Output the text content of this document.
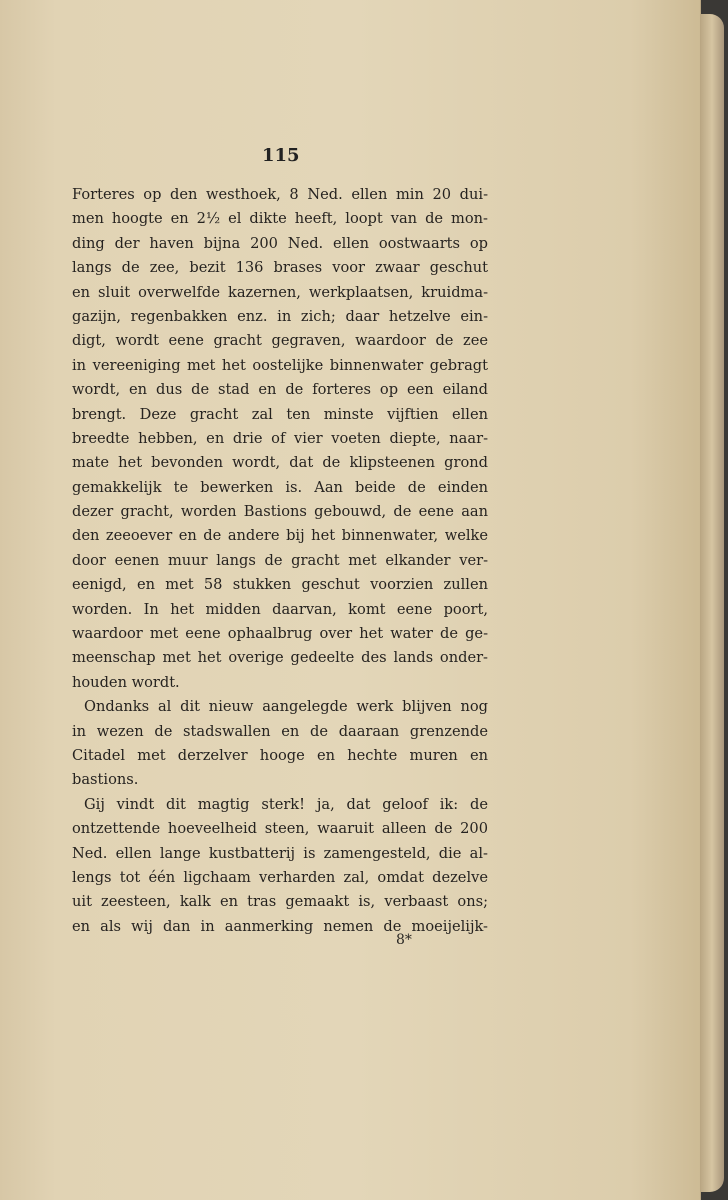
115
Forteres op den westhoek, 8 Ned. ellen min 20 dui-
men hoogte en 2½ el dikte heeft, loopt van de mon-
ding der haven bijna 200 Ned. ellen oostwaarts op
langs de zee, bezit 136 brases voor zwaar geschut
en sluit overwelfde kazernen, werkplaatsen, kruidma-
gazijn, regenbakken enz. in zich; daar hetzelve ein-
digt, wordt eene gracht gegraven, waardoor de zee
in vereeniging met het oostelijke binnenwater gebragt
wordt, en dus de stad en de forteres op een eiland
brengt. Deze gracht zal ten minste vijftien ellen
breedte hebben, en drie of vier voeten diepte, naar-
mate het bevonden wordt, dat de klipsteenen grond
gemakkelijk te bewerken is. Aan beide de einden
dezer gracht, worden Bastions gebouwd, de eene aan
den zeeoever en de andere bij het binnenwater, welke
door eenen muur langs de gracht met elkander ver-
eenigd, en met 58 stukken geschut voorzien zullen
worden. In het midden daarvan, komt eene poort,
waardoor met eene ophaalbrug over het water de ge-
meenschap met het overige gedeelte des lands onder-
houden wordt.
Ondanks al dit nieuw aangelegde werk blijven nog
in wezen de stadswallen en de daaraan grenzende
Citadel met derzelver hooge en hechte muren en
bastions.
Gij vindt dit magtig sterk! ja, dat geloof ik: de
ontzettende hoeveelheid steen, waaruit alleen de 200
Ned. ellen lange kustbatterij is zamengesteld, die al-
lengs tot één ligchaam verharden zal, omdat dezelve
uit zeesteen, kalk en tras gemaakt is, verbaast ons;
en als wij dan in aanmerking nemen de moeijelijk-
8*
